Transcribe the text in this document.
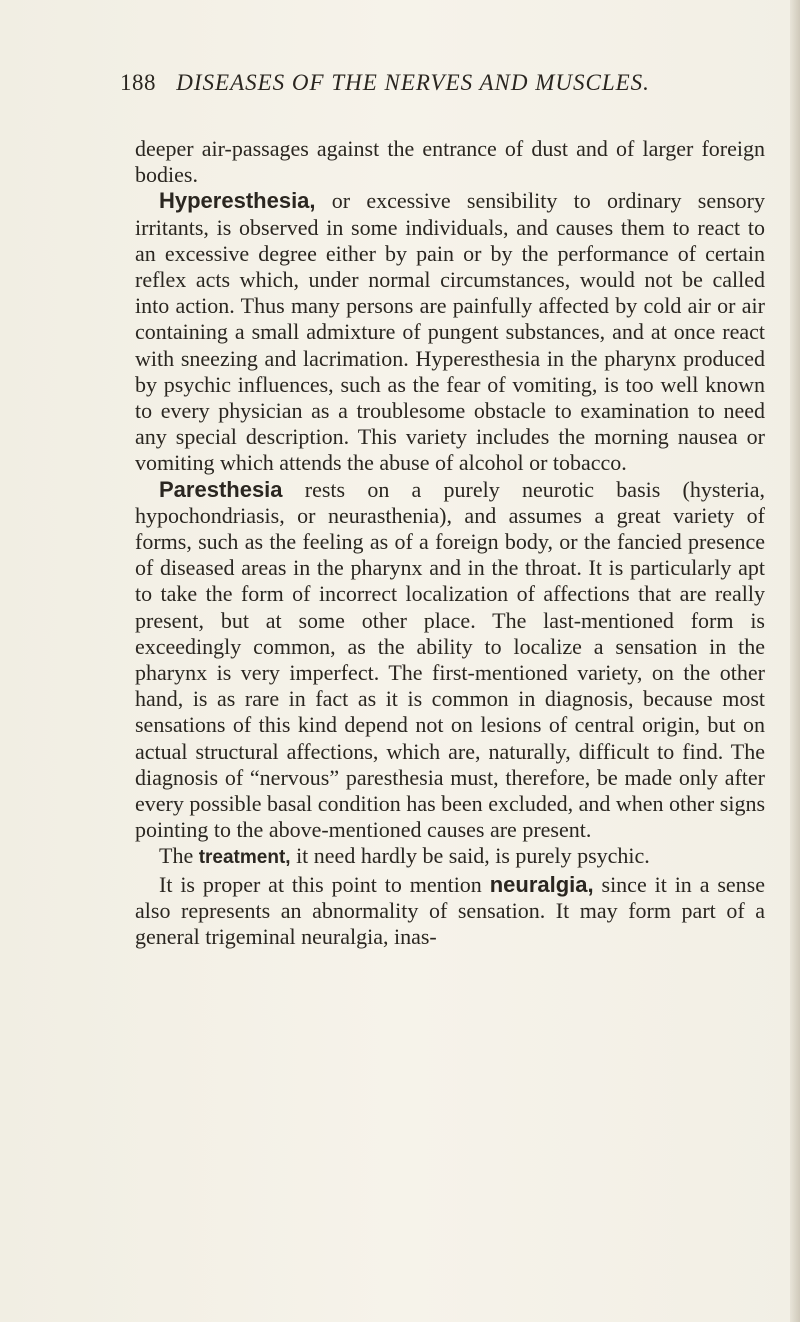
188 DISEASES OF THE NERVES AND MUSCLES.

deeper air-passages against the entrance of dust and of larger foreign bodies.

Hyperesthesia, or excessive sensibility to ordinary sensory irritants, is observed in some individuals, and causes them to react to an excessive degree either by pain or by the performance of certain reflex acts which, under normal circumstances, would not be called into action. Thus many persons are painfully affected by cold air or air containing a small admixture of pungent substances, and at once react with sneezing and lacrimation. Hyperesthesia in the pharynx produced by psychic influences, such as the fear of vomiting, is too well known to every physician as a troublesome obstacle to examination to need any special description. This variety includes the morning nausea or vomiting which attends the abuse of alcohol or tobacco.

Paresthesia rests on a purely neurotic basis (hysteria, hypochondriasis, or neurasthenia), and assumes a great variety of forms, such as the feeling as of a foreign body, or the fancied presence of diseased areas in the pharynx and in the throat. It is particularly apt to take the form of incorrect localization of affections that are really present, but at some other place. The last-mentioned form is exceedingly common, as the ability to localize a sensation in the pharynx is very imperfect. The first-mentioned variety, on the other hand, is as rare in fact as it is common in diagnosis, because most sensations of this kind depend not on lesions of central origin, but on actual structural affections, which are, naturally, difficult to find. The diagnosis of “nervous” paresthesia must, therefore, be made only after every possible basal condition has been excluded, and when other signs pointing to the above-mentioned causes are present.

The treatment, it need hardly be said, is purely psychic.

It is proper at this point to mention neuralgia, since it in a sense also represents an abnormality of sensation. It may form part of a general trigeminal neuralgia, inas-
